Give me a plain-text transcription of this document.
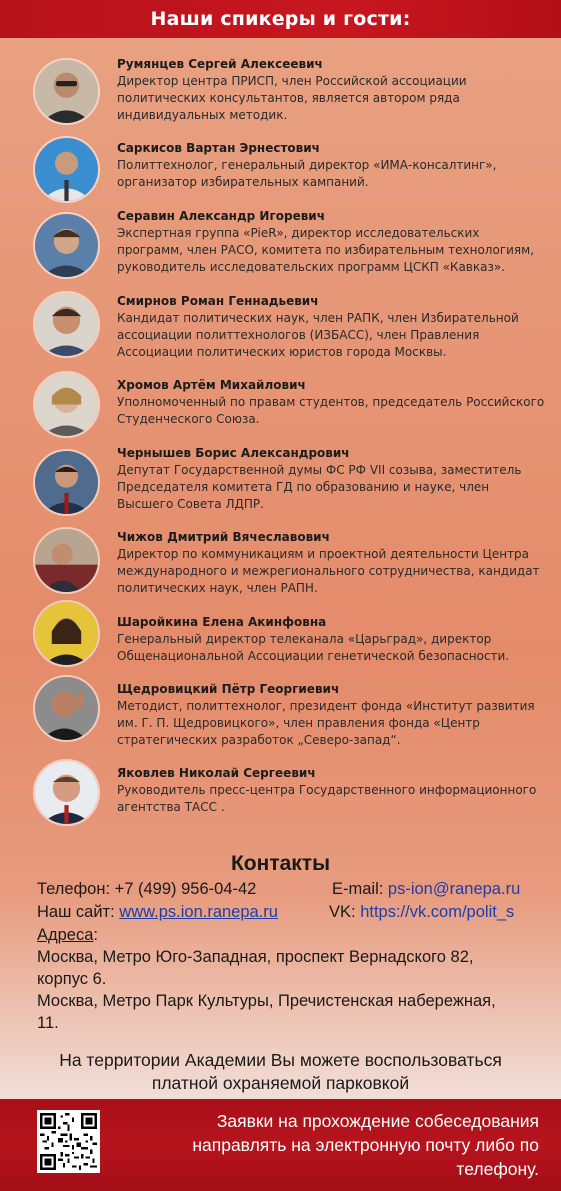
Наши спикеры и гости:
Румянцев Сергей Алексеевич
Директор центра ПРИСП, член Российской ассоциации
политических консультантов, является автором ряда
индивидуальных методик.
Саркисов Вартан Эрнестович
Политтехнолог, генеральный директор «ИМА-консалтинг»,
организатор избирательных кампаний.
Серавин Александр Игоревич
Экспертная группа «PieR», директор исследовательских
программ, член РАСО, комитета по избирательным технологиям,
руководитель исследовательских программ ЦСКП «Кавказ».
Смирнов Роман Геннадьевич
Кандидат политических наук, член РАПК, член Избирательной
ассоциации политтехнологов (ИЗБАСС), член Правления
Ассоциации политических юристов города Москвы.
Хромов Артём Михайлович
Уполномоченный по правам студентов, председатель Российского
Студенческого Союза.
Чернышев Борис Александрович
Депутат Государственной думы ФС РФ VII созыва, заместитель
Председателя комитета ГД по образованию и науке, член
Высшего Совета ЛДПР.
Чижов Дмитрий Вячеславович
Директор по коммуникациям и проектной деятельности Центра
международного и межрегионального сотрудничества, кандидат
политических наук, член РАПН.
Шаройкина Елена Акинфовна
Генеральный директор телеканала «Царьград», директор
Общенациональной Ассоциации генетической безопасности.
Щедровицкий Пётр Георгиевич
Методист, политтехнолог, президент фонда «Институт развития
им. Г. П. Щедровицкого», член правления фонда «Центр
стратегических разработок „Северо-запад“.
Яковлев Николай Сергеевич
Руководитель пресс-центра Государственного информационного
агентства ТАСС .
Контакты
Телефон: +7 (499) 956-04-42	E-mail: ps-ion@ranepa.ru
Наш сайт: www.ps.ion.ranepa.ru	VK: https://vk.com/polit_s
Адреса:
Москва, Метро Юго-Западная, проспект Вернадского 82,
корпус 6.
Москва, Метро Парк Культуры, Пречистенская набережная,
11.
На территории Академии Вы можете воспользоваться
платной охраняемой парковкой
Заявки на прохождение собеседования
направлять на электронную почту либо по
телефону.
